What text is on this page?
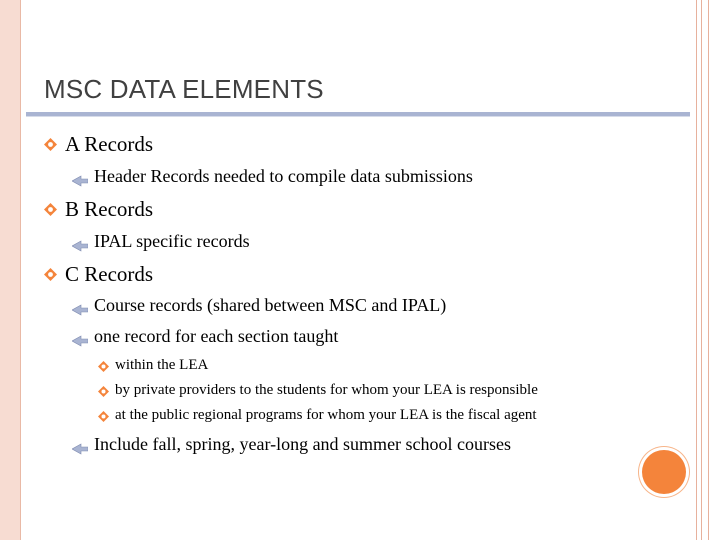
MSC DATA ELEMENTS
A Records
Header Records needed to compile data submissions
B Records
IPAL specific records
C Records
Course records (shared between MSC and IPAL)
one record for each section taught
within the LEA
by private providers to the students for whom your LEA is responsible
at the public regional programs for whom your LEA is the fiscal agent
Include fall, spring, year-long and summer school courses
